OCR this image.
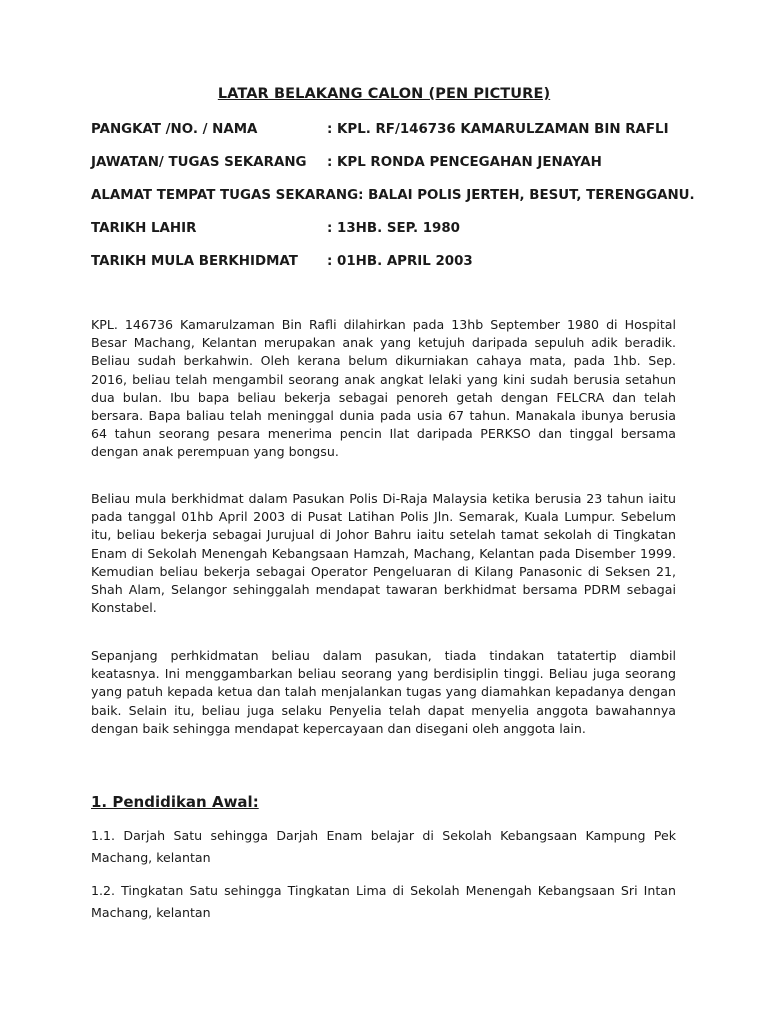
LATAR BELAKANG CALON (PEN PICTURE)
PANGKAT /NO. / NAMA	: KPL. RF/146736 KAMARULZAMAN BIN RAFLI
JAWATAN/ TUGAS SEKARANG : KPL RONDA PENCEGAHAN JENAYAH
ALAMAT TEMPAT TUGAS SEKARANG: BALAI POLIS JERTEH, BESUT, TERENGGANU.
TARIKH LAHIR	: 13HB. SEP. 1980
TARIKH MULA BERKHIDMAT : 01HB. APRIL 2003

KPL. 146736 Kamarulzaman Bin Rafli dilahirkan pada 13hb September 1980 di Hospital Besar Machang, Kelantan merupakan anak yang ketujuh daripada sepuluh adik beradik. Beliau sudah berkahwin. Oleh kerana belum dikurniakan cahaya mata, pada 1hb. Sep. 2016, beliau telah mengambil seorang anak angkat lelaki yang kini sudah berusia setahun dua bulan. Ibu bapa beliau bekerja sebagai penoreh getah dengan FELCRA dan telah bersara. Bapa baliau telah meninggal dunia pada usia 67 tahun. Manakala ibunya berusia 64 tahun seorang pesara menerima pencin Ilat daripada PERKSO dan tinggal bersama dengan anak perempuan yang bongsu.

Beliau mula berkhidmat dalam Pasukan Polis Di-Raja Malaysia ketika berusia 23 tahun iaitu pada tanggal 01hb April 2003 di Pusat Latihan Polis Jln. Semarak, Kuala Lumpur. Sebelum itu, beliau bekerja sebagai Jurujual di Johor Bahru iaitu setelah tamat sekolah di Tingkatan Enam di Sekolah Menengah Kebangsaan Hamzah, Machang, Kelantan pada Disember 1999. Kemudian beliau bekerja sebagai Operator Pengeluaran di Kilang Panasonic di Seksen 21, Shah Alam, Selangor sehinggalah mendapat tawaran berkhidmat bersama PDRM sebagai Konstabel.

Sepanjang perhkidmatan beliau dalam pasukan, tiada tindakan tatatertip diambil keatasnya. Ini menggambarkan beliau seorang yang berdisiplin tinggi. Beliau juga seorang yang patuh kepada ketua dan talah menjalankan tugas yang diamahkan kepadanya dengan baik. Selain itu, beliau juga selaku Penyelia telah dapat menyelia anggota bawahannya dengan baik sehingga mendapat kepercayaan dan disegani oleh anggota lain.

1. Pendidikan Awal:

1.1. Darjah Satu sehingga Darjah Enam belajar di Sekolah Kebangsaan Kampung Pek Machang, kelantan

1.2. Tingkatan Satu sehingga Tingkatan Lima di Sekolah Menengah Kebangsaan Sri Intan Machang, kelantan
